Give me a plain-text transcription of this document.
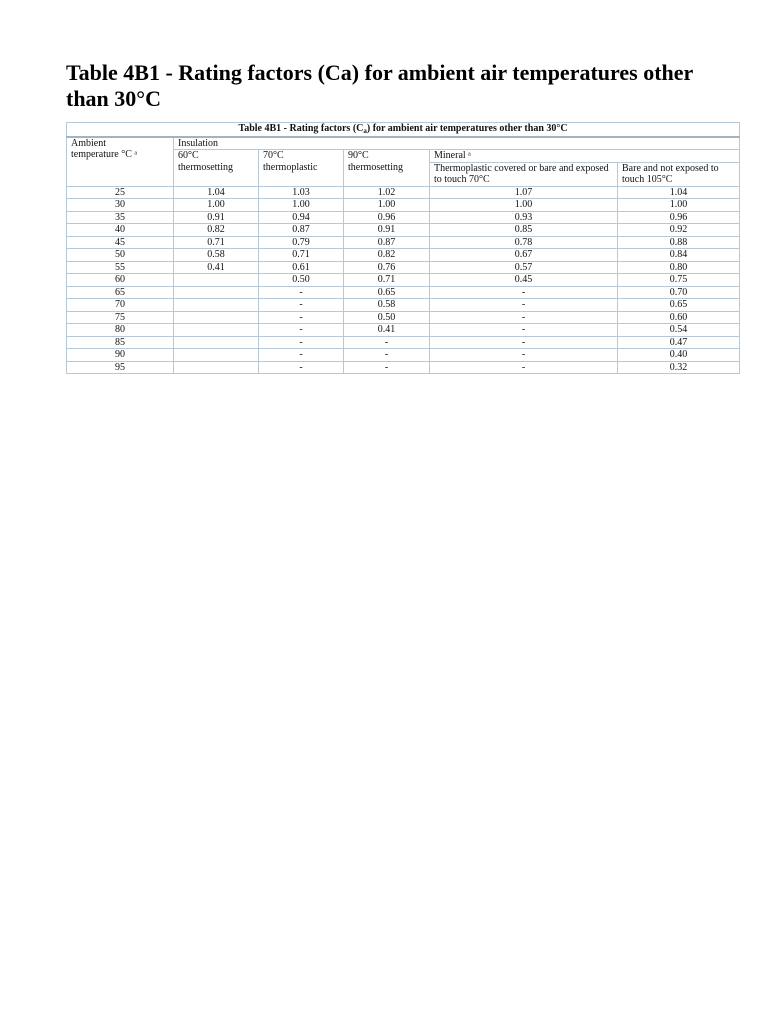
Table 4B1 - Rating factors (Ca) for ambient air temperatures other than 30°C
Table 4B1 - Rating factors $(C_a)$ for ambient air temperatures other than 30°C					
Ambient
temperature °C ᵃ	Insulation				
	60°C thermosetting	70°C thermoplastic	90°C thermosetting	Mineral ᵃ	
				Thermoplastic covered or bare and exposed to touch 70°C	Bare and not exposed to touch 105°C
25	1.04	1.03	1.02	1.07	1.04
30	1.00	1.00	1.00	1.00	1.00
35	0.91	0.94	0.96	0.93	0.96
40	0.82	0.87	0.91	0.85	0.92
45	0.71	0.79	0.87	0.78	0.88
50	0.58	0.71	0.82	0.67	0.84
55	0.41	0.61	0.76	0.57	0.80
60		0.50	0.71	0.45	0.75
65		-	0.65	-	0.70
70		-	0.58	-	0.65
75		-	0.50	-	0.60
80		-	0.41	-	0.54
85		-	-	-	0.47
90		-	-	-	0.40
95		-	-	-	0.32
